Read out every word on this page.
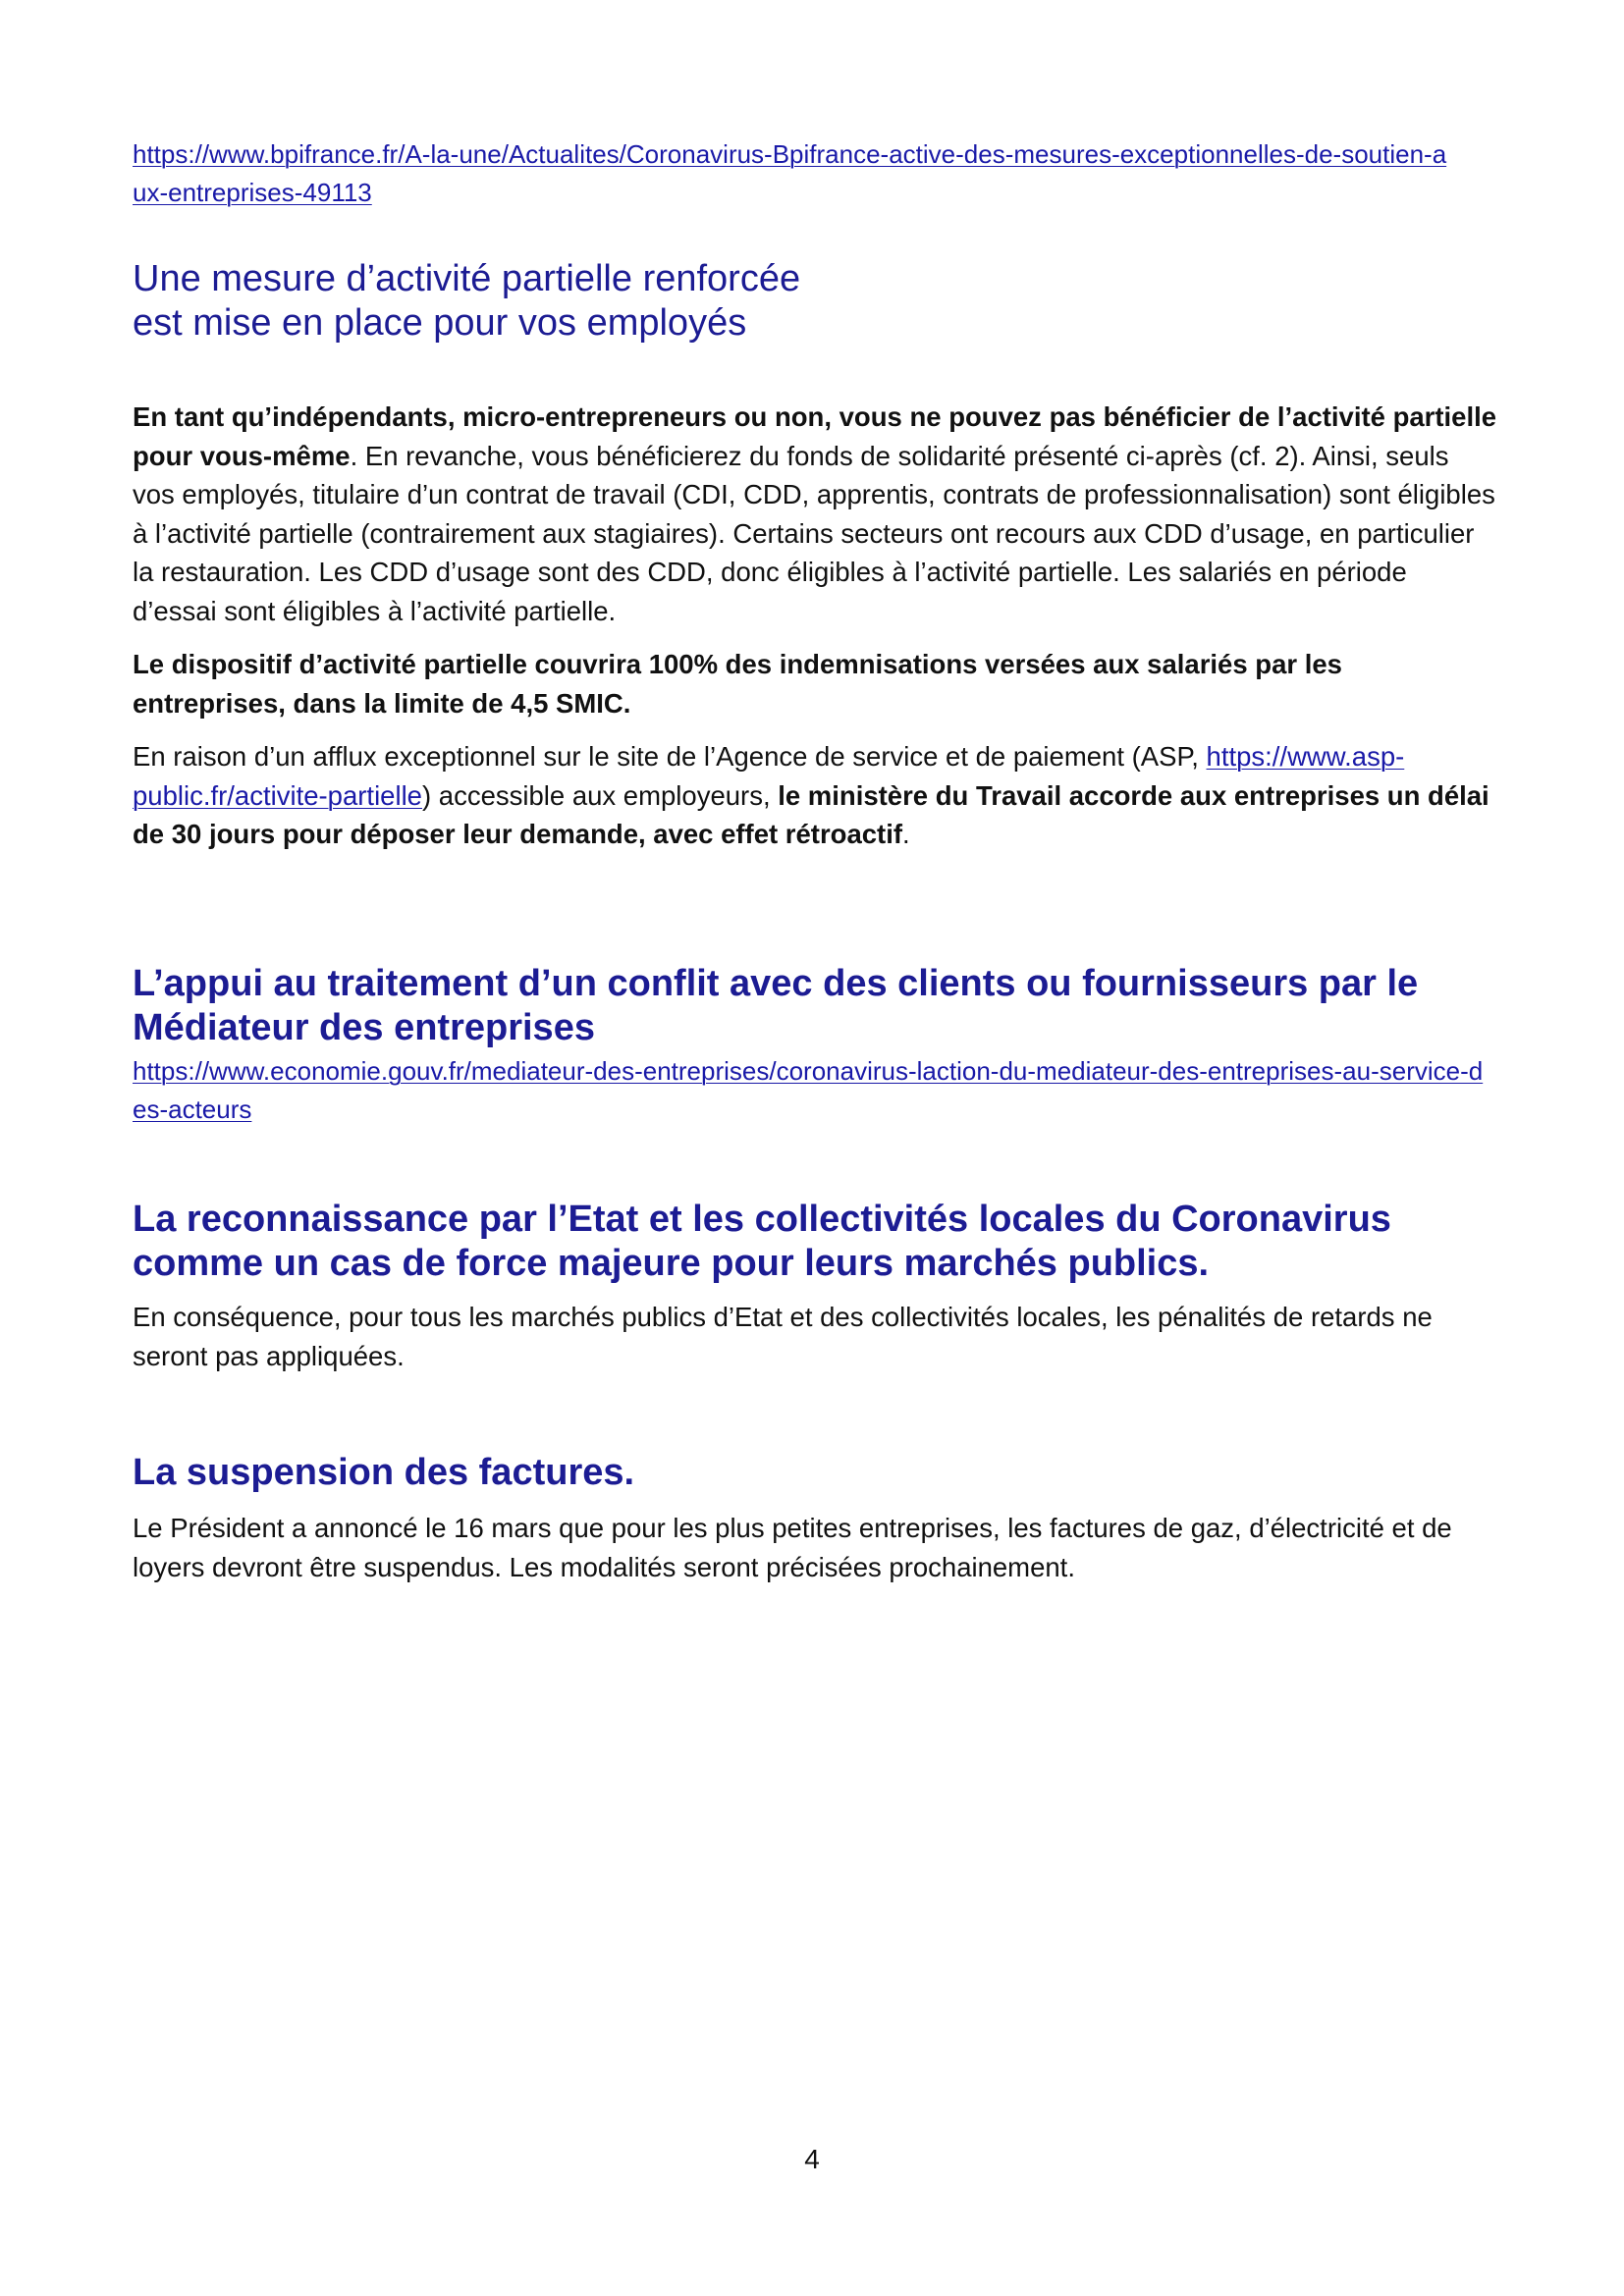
https://www.bpifrance.fr/A-la-une/Actualites/Coronavirus-Bpifrance-active-des-mesures-exceptionnelles-de-soutien-aux-entreprises-49113

Une mesure d’activité partielle renforcée
est mise en place pour vos employés

En tant qu’indépendants, micro-entrepreneurs ou non, vous ne pouvez pas bénéficier de l’activité partielle pour vous-même. En revanche, vous bénéficierez du fonds de solidarité présenté ci-après (cf. 2). Ainsi, seuls vos employés, titulaire d’un contrat de travail (CDI, CDD, apprentis, contrats de professionnalisation) sont éligibles à l’activité partielle (contrairement aux stagiaires). Certains secteurs ont recours aux CDD d’usage, en particulier la restauration. Les CDD d’usage sont des CDD, donc éligibles à l’activité partielle. Les salariés en période d’essai sont éligibles à l’activité partielle.

Le dispositif d’activité partielle couvrira 100% des indemnisations versées aux salariés par les entreprises, dans la limite de 4,5 SMIC.

En raison d’un afflux exceptionnel sur le site de l’Agence de service et de paiement (ASP, https://www.asp-public.fr/activite-partielle) accessible aux employeurs, le ministère du Travail accorde aux entreprises un délai de 30 jours pour déposer leur demande, avec effet rétroactif.

L’appui au traitement d’un conflit avec des clients ou fournisseurs par le Médiateur des entreprises

https://www.economie.gouv.fr/mediateur-des-entreprises/coronavirus-laction-du-mediateur-des-entreprises-au-service-des-acteurs

La reconnaissance par l’Etat et les collectivités locales du Coronavirus comme un cas de force majeure pour leurs marchés publics.

En conséquence, pour tous les marchés publics d’Etat et des collectivités locales, les pénalités de retards ne seront pas appliquées.

La suspension des factures.

Le Président a annoncé le 16 mars que pour les plus petites entreprises, les factures de gaz, d’électricité et de loyers devront être suspendus. Les modalités seront précisées prochainement.

4
